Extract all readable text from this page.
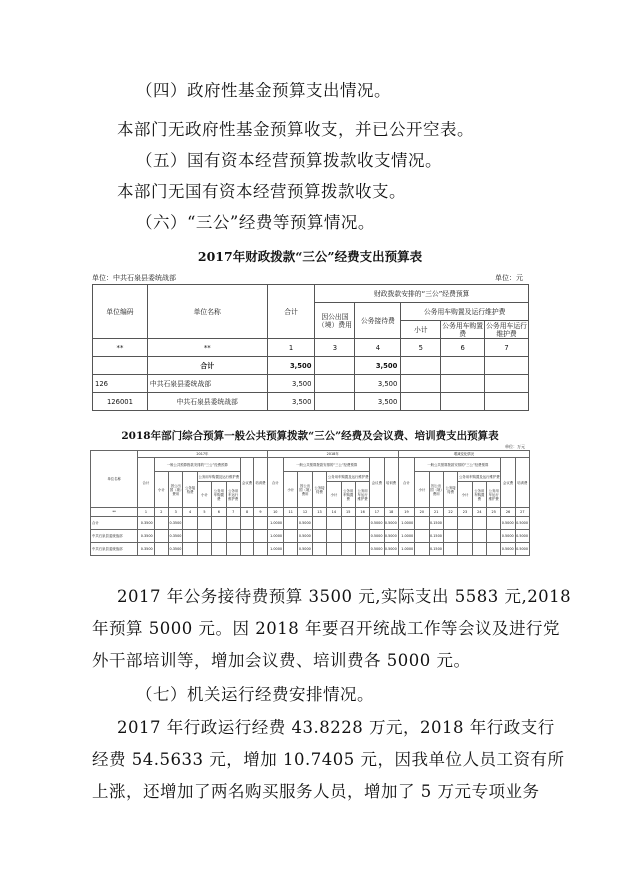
（四）政府性基金预算支出情况。
本部门无政府性基金预算收支，并已公开空表。
（五）国有资本经营预算拨款收支情况。
本部门无国有资本经营预算拨款收支。
（六）“三公”经费等预算情况。
2017年财政拨款“三公”经费支出预算表
单位：中共石泉县委统战部	单位：元
单位编码	单位名称	合计	财政拨款安排的“三公”经费预算				
			因公出国（境）费用	公务接待费	公务用车购置及运行维护费		
					小计	公务用车购置费	公务用车运行维护费
**	**	1	3	4	5	6	7
	合计	3,500		3,500			
126	中共石泉县委统战部	3,500		3,500			
126001	中共石泉县委统战部	3,500		3,500			
2018年部门综合预算一般公共预算拨款“三公”经费及会议费、培训费支出预算表
单位：万元
单位名称	2017年									2018年									增减变化情况								
	合计	一般公共预算拨款安排的“三公”经费预算						会议费	培训费	合计	一般公共预算拨款安排的“三公”经费预算						会议费	培训费	合计	一般公共预算拨款安排的“三公”经费预算						会议费	培训费
		小计	因公出国（境）费用	公务接待费	公务用车购置及运行维护费						小计	因公出国（境）费用	公务接待费	公务用车购置及运行维护费						小计	因公出国（境）费用	公务接待费	公务用车购置及运行维护费				
					小计	公务用车购置费	公务用车运行维护费							小计	公务用车购置费	公务用车运行维护费							小计	公务用车购置费	公务用车运行维护费		
**	1	2	3	4	5	6	7	8	9	10	11	12	13	14	15	16	17	18	19	20	21	22	23	24	25	26	27
合计	0.3500		0.3500							1.0000		0.5000					0.5000	0.5000	1.0000		0.1500					0.5000	0.5000
中共石泉县委统战部	0.3500		0.3500							1.0000		0.5000					0.5000	0.5000	1.0000		0.1500					0.5000	0.5000
中共石泉县委统战部	0.3500		0.3500							1.0000		0.5000					0.5000	0.5000	1.0000		0.1500					0.5000	0.5000
2017 年公务接待费预算 3500 元,实际支出 5583 元,2018
年预算 5000 元。因 2018 年要召开统战工作等会议及进行党
外干部培训等，增加会议费、培训费各 5000 元。
（七）机关运行经费安排情况。
2017 年行政运行经费 43.8228 万元，2018 年行政支行
经费 54.5633 元，增加 10.7405 元，因我单位人员工资有所
上涨，还增加了两名购买服务人员，增加了 5 万元专项业务
